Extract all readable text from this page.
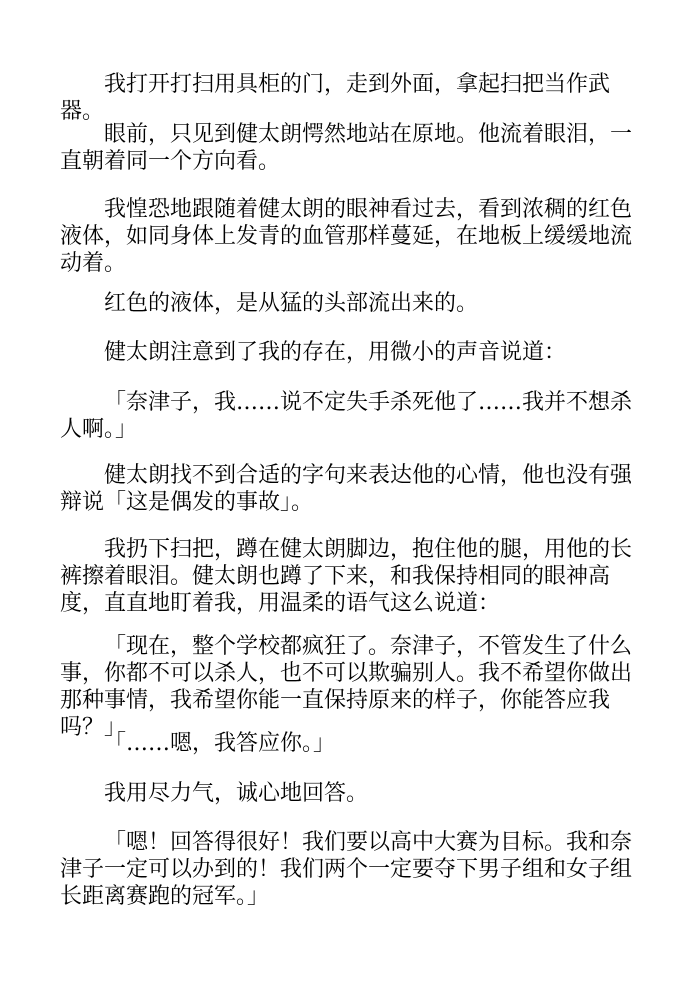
我打开打扫用具柜的门，走到外面，拿起扫把当作武器。

眼前，只见到健太朗愕然地站在原地。他流着眼泪，一直朝着同一个方向看。

我惶恐地跟随着健太朗的眼神看过去，看到浓稠的红色液体，如同身体上发青的血管那样蔓延，在地板上缓缓地流动着。

红色的液体，是从猛的头部流出来的。

健太朗注意到了我的存在，用微小的声音说道：

「奈津子，我……说不定失手杀死他了……我并不想杀人啊。」

健太朗找不到合适的字句来表达他的心情，他也没有强辩说「这是偶发的事故」。

我扔下扫把，蹲在健太朗脚边，抱住他的腿，用他的长裤擦着眼泪。健太朗也蹲了下来，和我保持相同的眼神高度，直直地盯着我，用温柔的语气这么说道：

「现在，整个学校都疯狂了。奈津子，不管发生了什么事，你都不可以杀人，也不可以欺骗别人。我不希望你做出那种事情，我希望你能一直保持原来的样子，你能答应我吗？」

「……嗯，我答应你。」

我用尽力气，诚心地回答。

「嗯！回答得很好！我们要以高中大赛为目标。我和奈津子一定可以办到的！我们两个一定要夺下男子组和女子组长距离赛跑的冠军。」
